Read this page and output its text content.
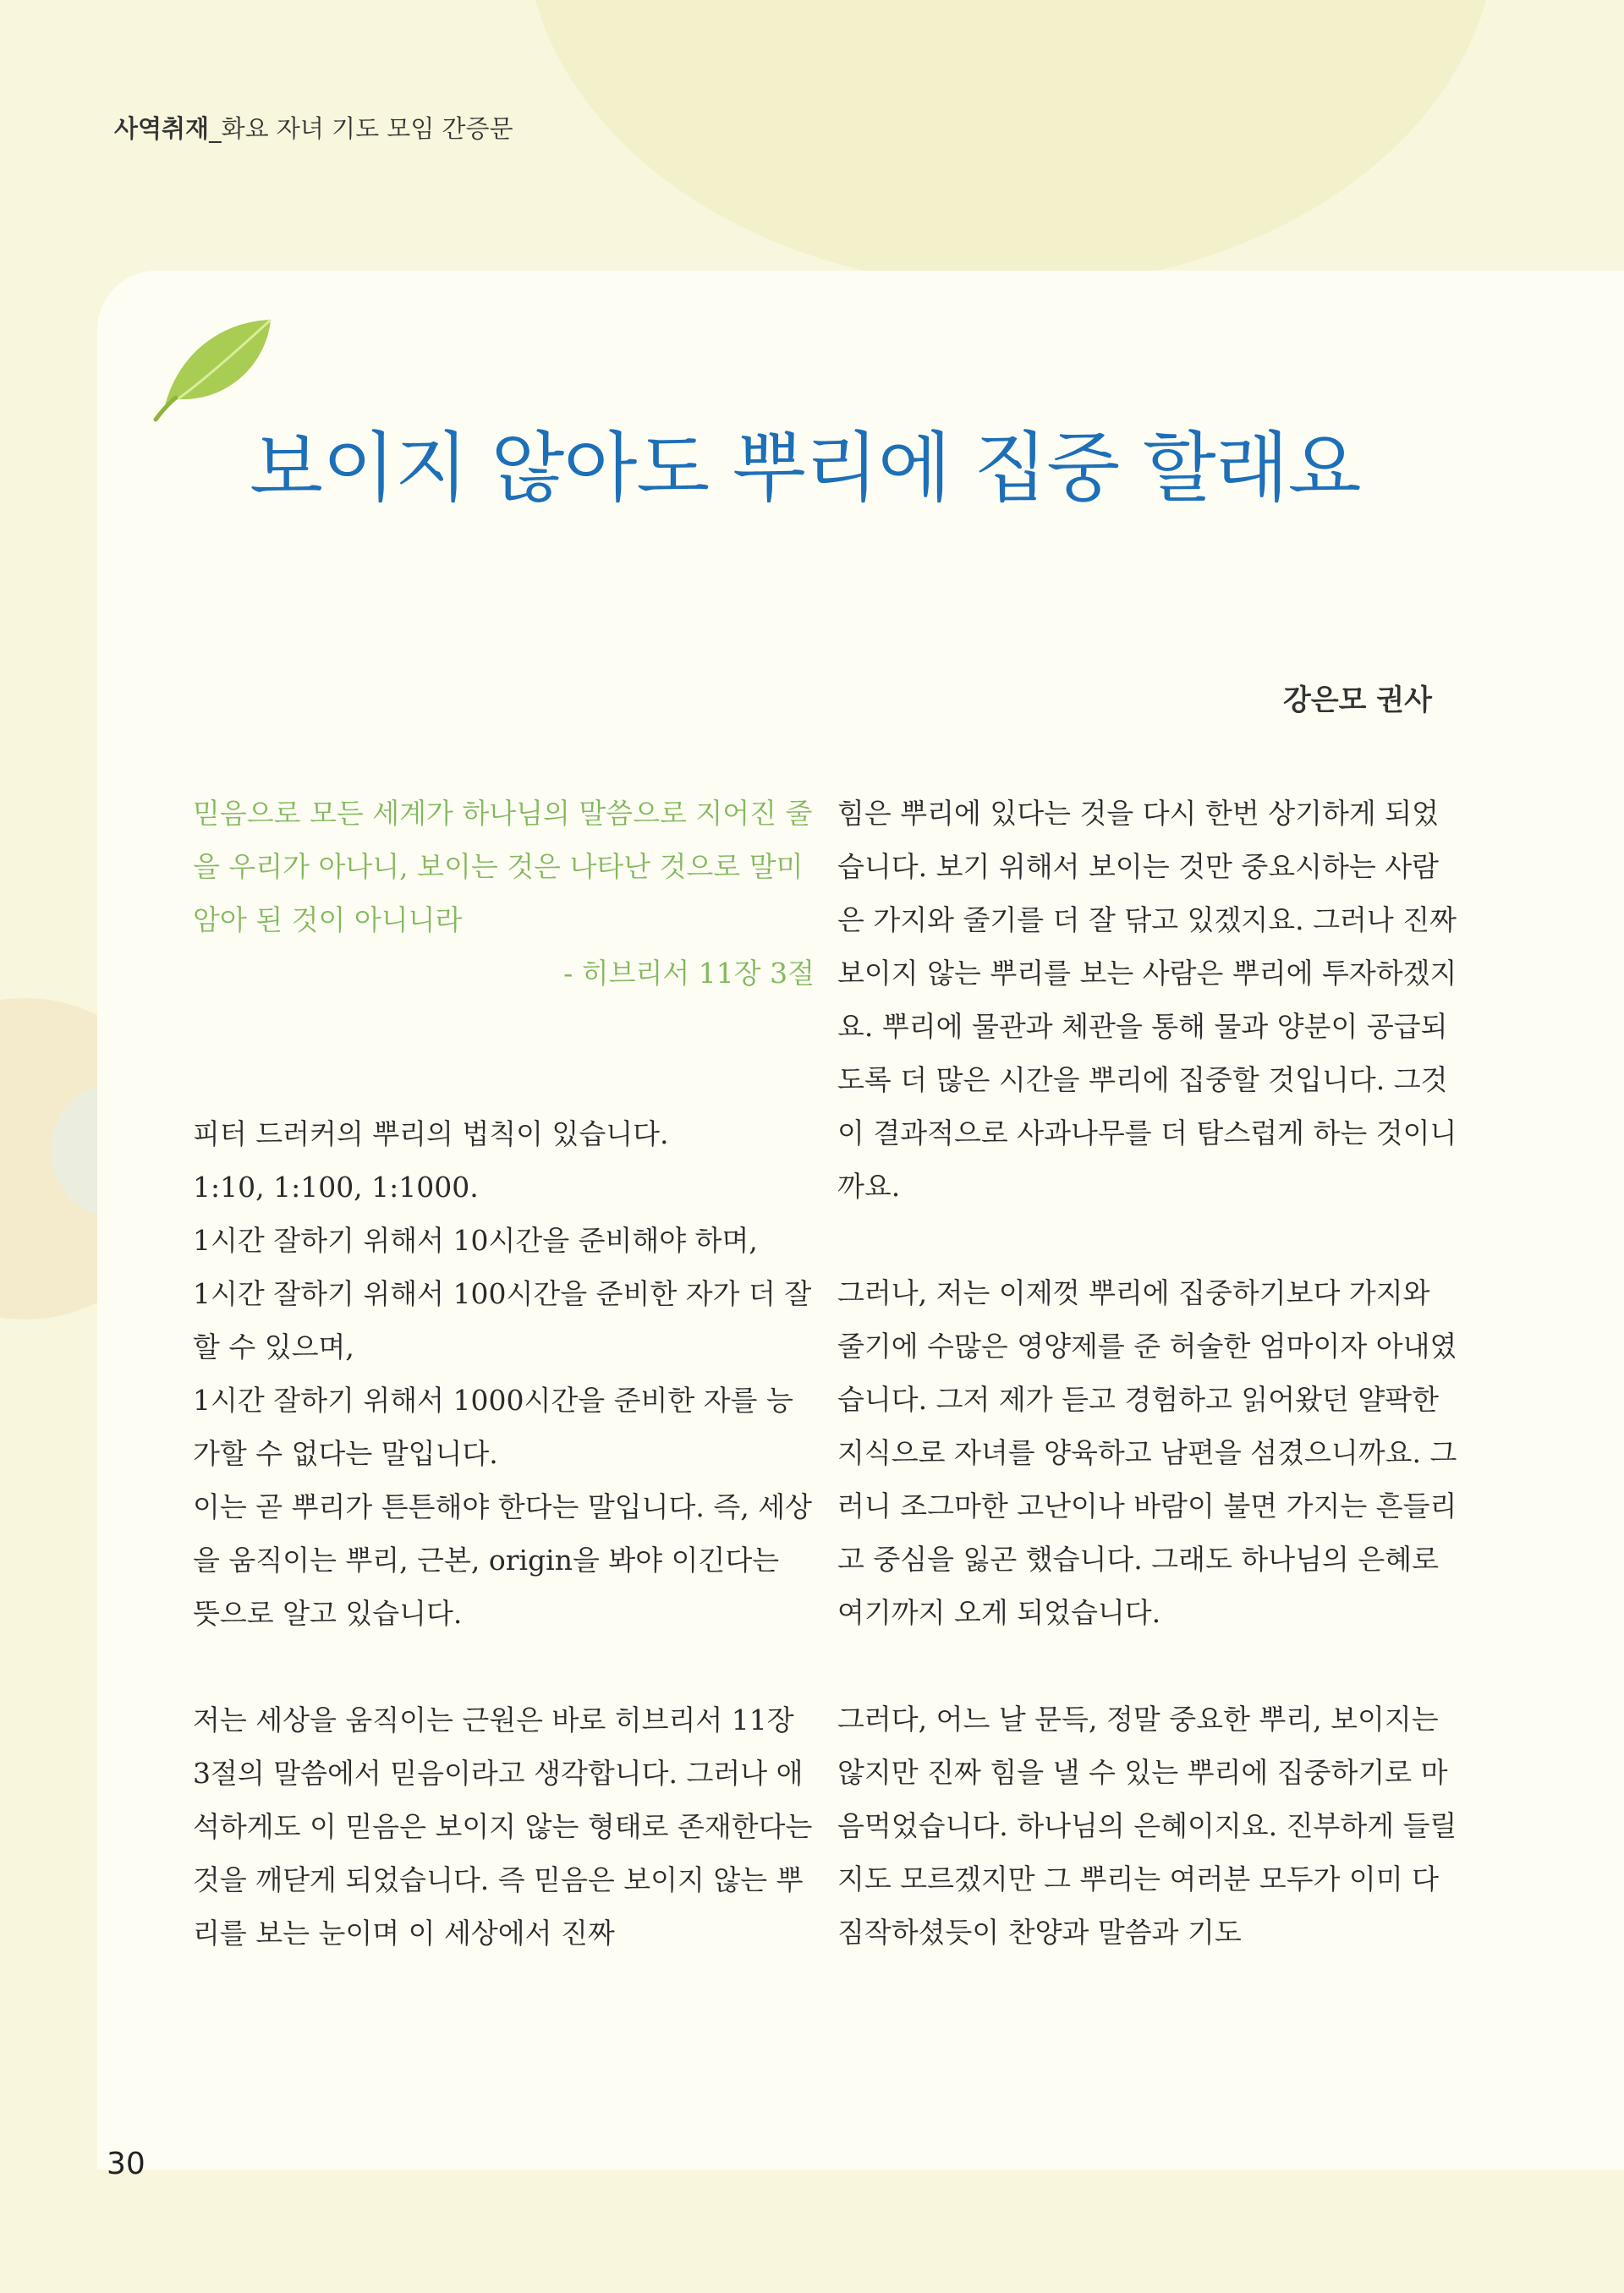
사역취재_화요 자녀 기도 모임 간증문
보이지 않아도 뿌리에 집중 할래요
강은모 권사

믿음으로 모든 세계가 하나님의 말씀으로 지어진 줄을 우리가 아나니, 보이는 것은 나타난 것으로 말미암아 된 것이 아니니라

- 히브리서 11장 3절

피터 드러커의 뿌리의 법칙이 있습니다.

1:10, 1:100, 1:1000.

1시간 잘하기 위해서 10시간을 준비해야 하며,

1시간 잘하기 위해서 100시간을 준비한 자가 더 잘할 수 있으며,

1시간 잘하기 위해서 1000시간을 준비한 자를 능가할 수 없다는 말입니다.

이는 곧 뿌리가 튼튼해야 한다는 말입니다. 즉, 세상을 움직이는 뿌리, 근본, origin을 봐야 이긴다는 뜻으로 알고 있습니다.

저는 세상을 움직이는 근원은 바로 히브리서 11장 3절의 말씀에서 믿음이라고 생각합니다. 그러나 애석하게도 이 믿음은 보이지 않는 형태로 존재한다는 것을 깨닫게 되었습니다. 즉 믿음은 보이지 않는 뿌리를 보는 눈이며 이 세상에서 진짜

힘은 뿌리에 있다는 것을 다시 한번 상기하게 되었습니다. 보기 위해서 보이는 것만 중요시하는 사람은 가지와 줄기를 더 잘 닦고 있겠지요. 그러나 진짜 보이지 않는 뿌리를 보는 사람은 뿌리에 투자하겠지요. 뿌리에 물관과 체관을 통해 물과 양분이 공급되도록 더 많은 시간을 뿌리에 집중할 것입니다. 그것이 결과적으로 사과나무를 더 탐스럽게 하는 것이니까요.

그러나, 저는 이제껏 뿌리에 집중하기보다 가지와 줄기에 수많은 영양제를 준 허술한 엄마이자 아내였습니다. 그저 제가 듣고 경험하고 읽어왔던 얄팍한 지식으로 자녀를 양육하고 남편을 섬겼으니까요. 그러니 조그마한 고난이나 바람이 불면 가지는 흔들리고 중심을 잃곤 했습니다. 그래도 하나님의 은혜로 여기까지 오게 되었습니다.

그러다, 어느 날 문득, 정말 중요한 뿌리, 보이지는 않지만 진짜 힘을 낼 수 있는 뿌리에 집중하기로 마음먹었습니다. 하나님의 은혜이지요. 진부하게 들릴지도 모르겠지만 그 뿌리는 여러분 모두가 이미 다 짐작하셨듯이 찬양과 말씀과 기도

30
